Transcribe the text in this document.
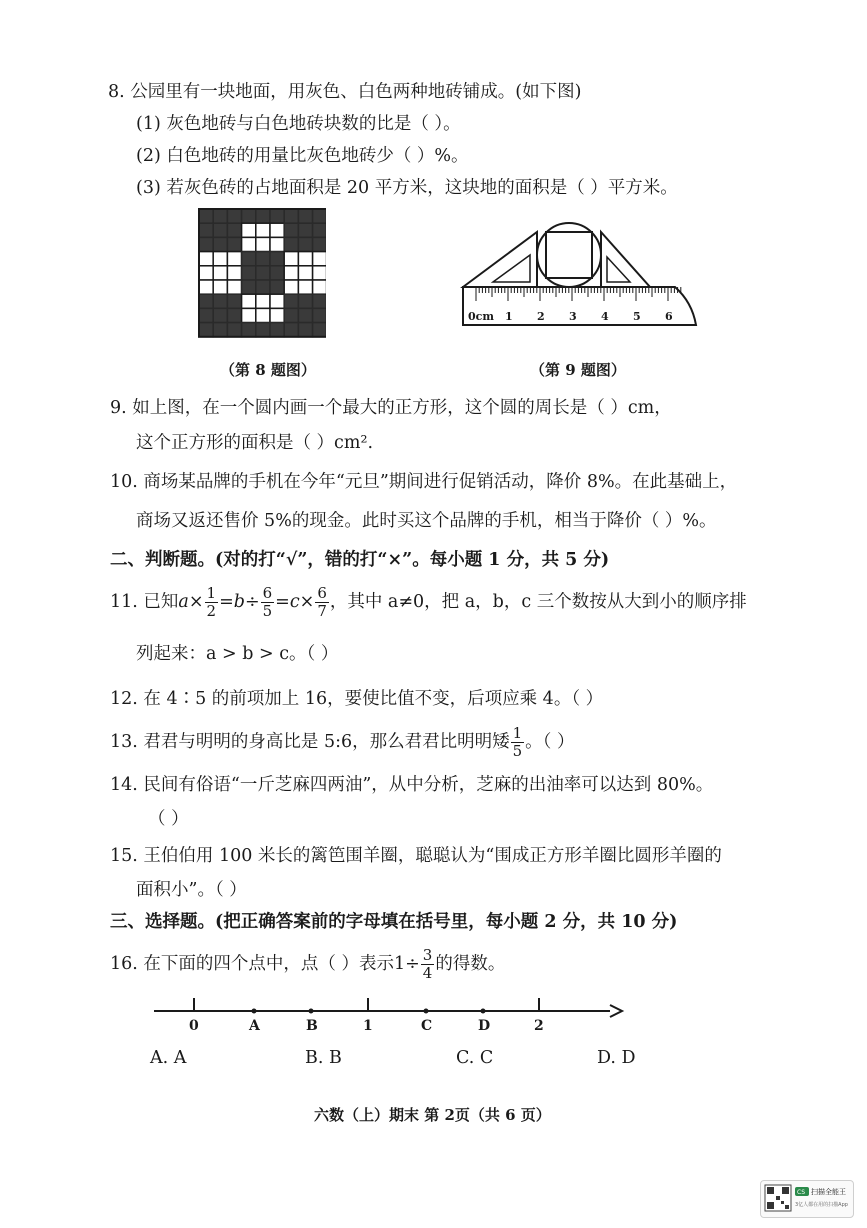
8. 公园里有一块地面，用灰色、白色两种地砖铺成。(如下图)
(1) 灰色地砖与白色地砖块数的比是（ ）。
(2) 白色地砖的用量比灰色地砖少（ ）%。
(3) 若灰色砖的占地面积是 20 平方米，这块地的面积是（ ）平方米。
（第 8 题图）
0cm 1 2 3 4 5 6
（第 9 题图）
9. 如上图，在一个圆内画一个最大的正方形，这个圆的周长是（ ）cm，
这个正方形的面积是（ ）cm².
10. 商场某品牌的手机在今年“元旦”期间进行促销活动，降价 8%。在此基础上，
商场又返还售价 5%的现金。此时买这个品牌的手机，相当于降价（ ）%。
二、判断题。(对的打“√”，错的打“×”。每小题 1 分，共 5 分)
11. 已知$a\times \frac{1}{2} =b\div \frac{6}{5} =c\times \frac{6}{7}$ ，其中 a≠0，把 a，b，c 三个数按从大到小的顺序排
列起来：a > b > c。（ ）
12. 在 4∶5 的前项加上 16，要使比值不变，后项应乘 4。（ ）
13. 君君与明明的身高比是 5:6，那么君君比明明矮 $\frac{1}{5}$ 。（ ）
14. 民间有俗语“一斤芝麻四两油”，从中分析，芝麻的出油率可以达到 80%。
（ ）
15. 王伯伯用 100 米长的篱笆围羊圈，聪聪认为“围成正方形羊圈比圆形羊圈的
面积小”。（ ）
三、选择题。(把正确答案前的字母填在括号里，每小题 2 分，共 10 分)
16. 在下面的四个点中，点（ ）表示$1\div \frac{3}{4}$ 的得数。
0	A	B	1	C	D	2
A. A	B. B	C. C	D. D
六数（上）期末 第 2页（共 6 页）
CS 扫描全能王
3亿人都在用的扫描App
